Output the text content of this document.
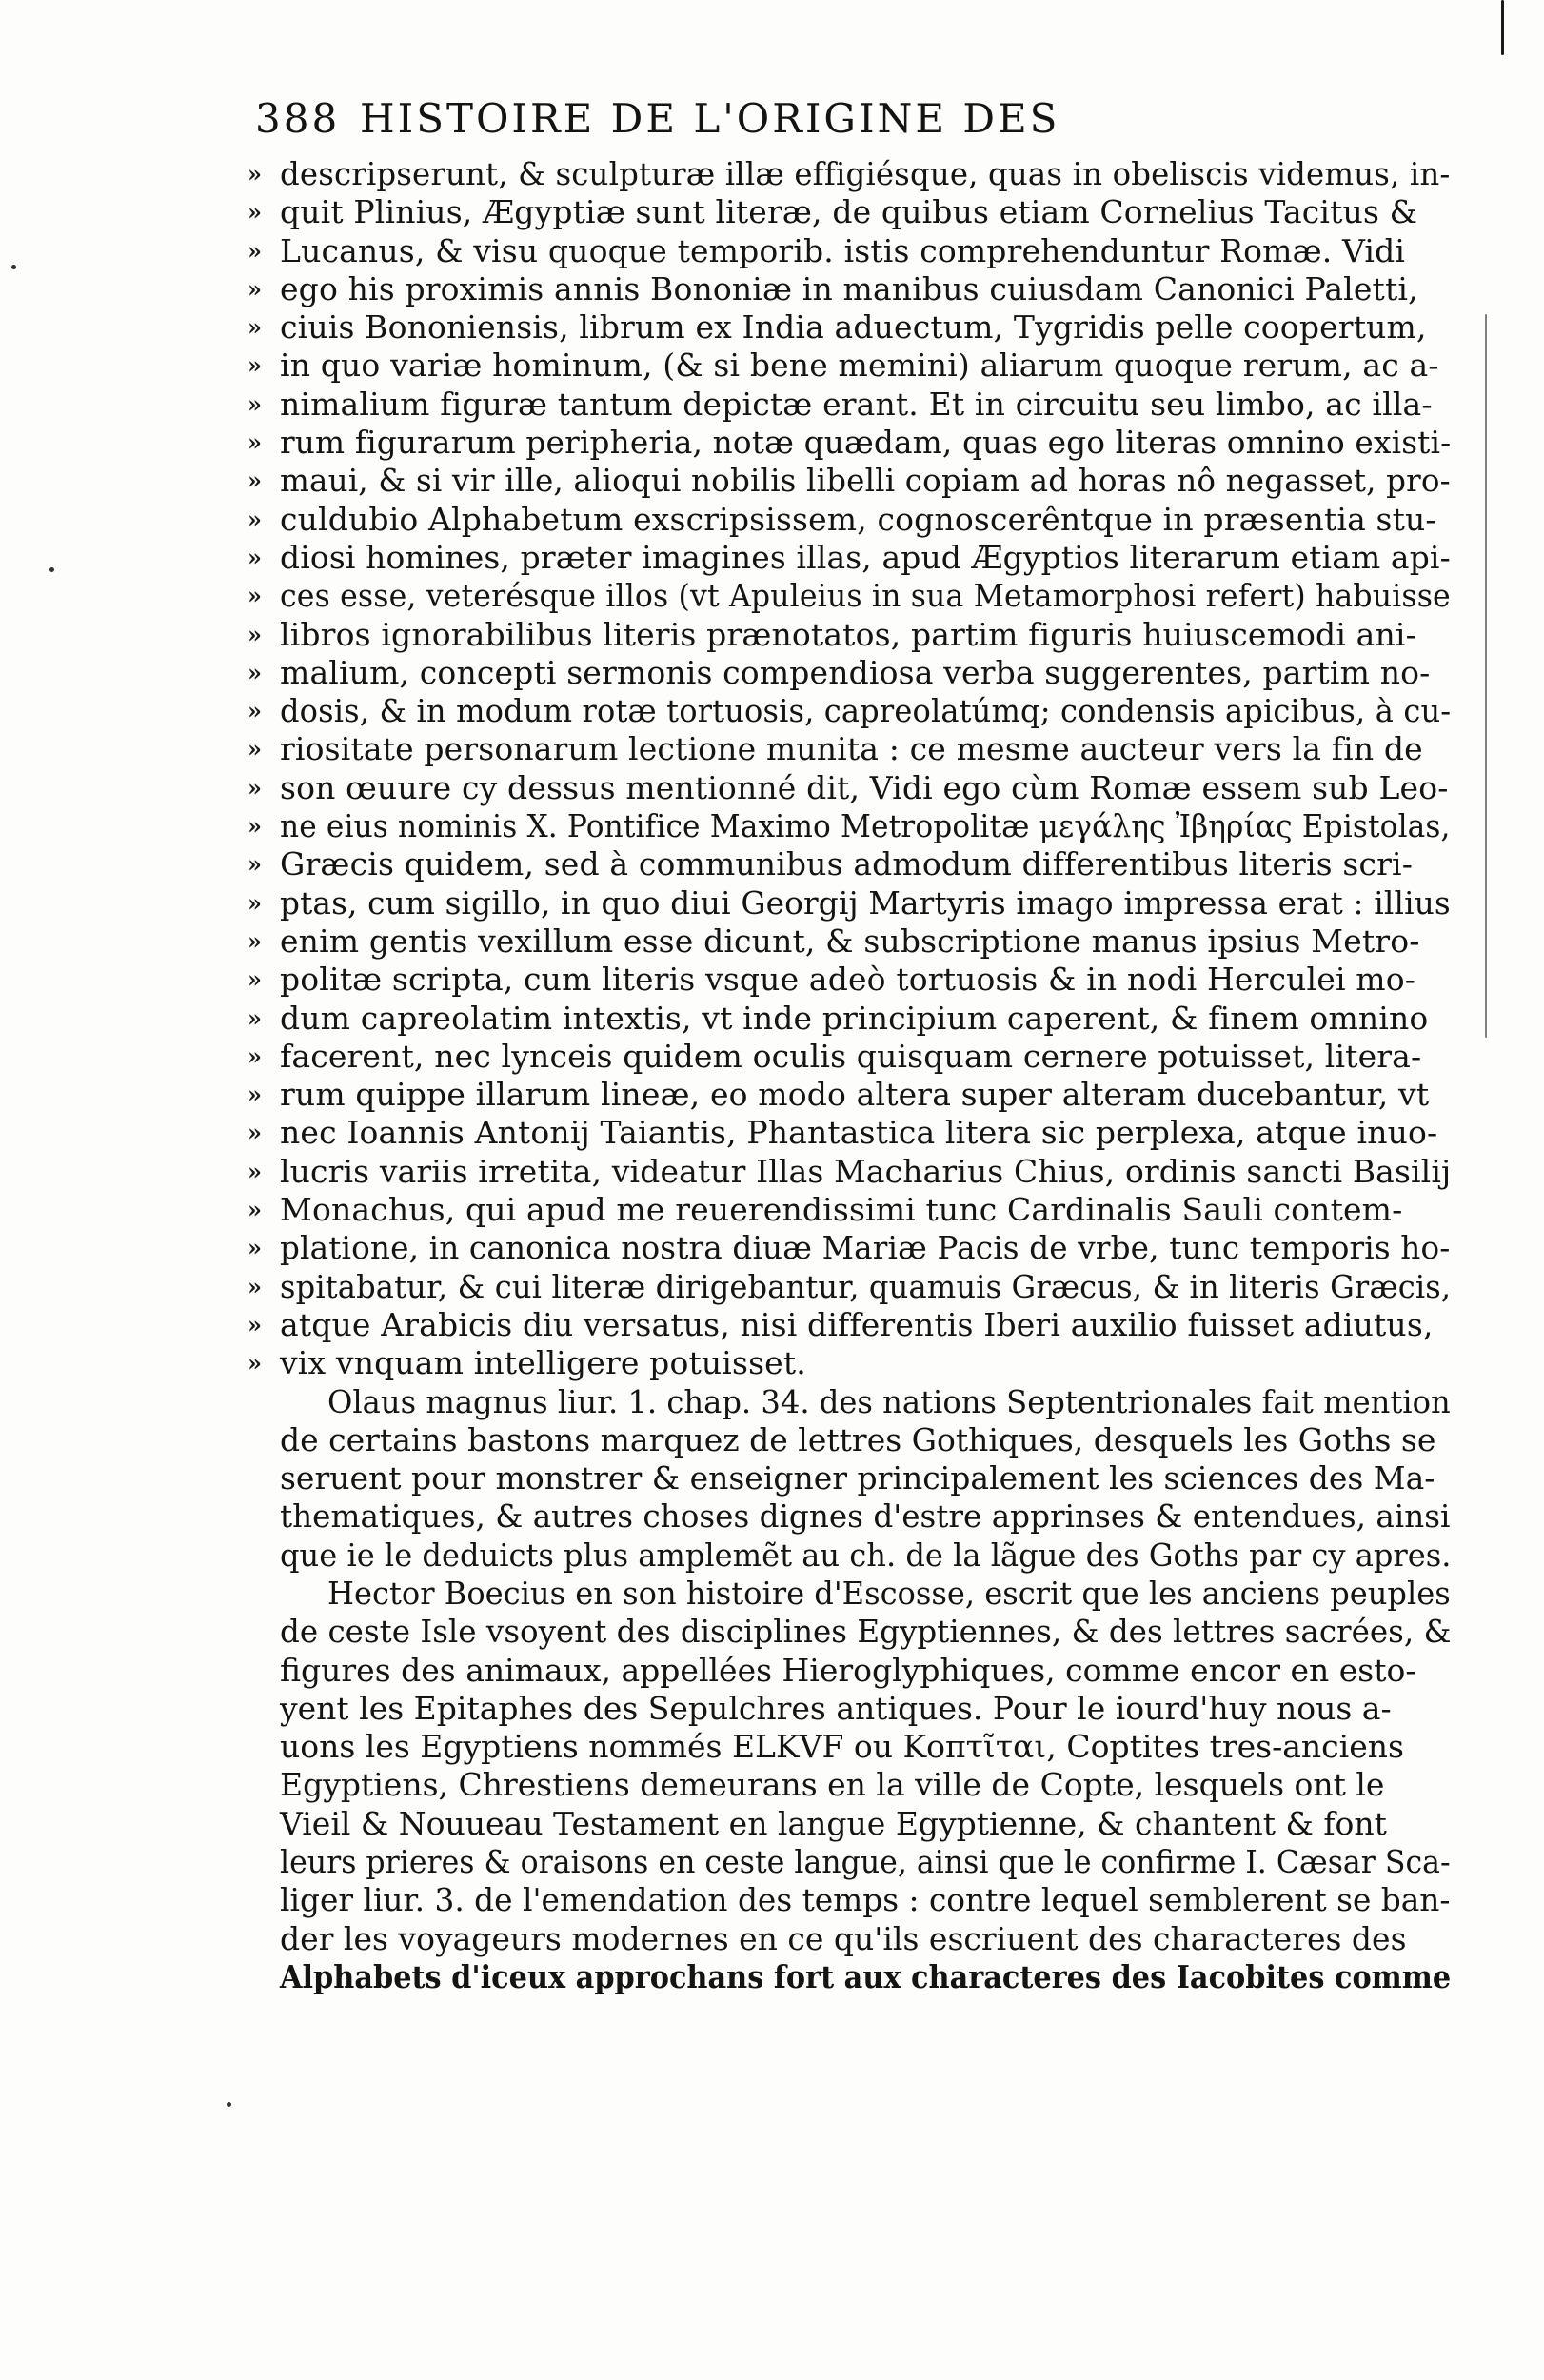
388 HISTOIRE DE L'ORIGINE DES
» descripserunt, & sculpturæ illæ effigiésque, quas in obeliscis videmus, in-
» quit Plinius, Ægyptiæ sunt literæ, de quibus etiam Cornelius Tacitus &
» Lucanus, & visu quoque temporib. istis comprehenduntur Romæ. Vidi
» ego his proximis annis Bononiæ in manibus cuiusdam Canonici Paletti,
» ciuis Bononiensis, librum ex India aduectum, Tygridis pelle coopertum,
» in quo variæ hominum, (& si bene memini) aliarum quoque rerum, ac a-
» nimalium figuræ tantum depictæ erant. Et in circuitu seu limbo, ac illa-
» rum figurarum peripheria, notæ quædam, quas ego literas omnino existi-
» maui, & si vir ille, alioqui nobilis libelli copiam ad horas nô negasset, pro-
» culdubio Alphabetum exscripsissem, cognoscerêntque in præsentia stu-
» diosi homines, præter imagines illas, apud Ægyptios literarum etiam api-
» ces esse, veterésque illos (vt Apuleius in sua Metamorphosi refert) habuisse
» libros ignorabilibus literis prænotatos, partim figuris huiuscemodi ani-
» malium, concepti sermonis compendiosa verba suggerentes, partim no-
» dosis, & in modum rotæ tortuosis, capreolatúmq; condensis apicibus, à cu-
» riositate personarum lectione munita : ce mesme aucteur vers la fin de
» son œuure cy dessus mentionné dit, Vidi ego cùm Romæ essem sub Leo-
» ne eius nominis X. Pontifice Maximo Metropolitæ μεγάλης Ἰβηρίας Epistolas,
» Græcis quidem, sed à communibus admodum differentibus literis scri-
» ptas, cum sigillo, in quo diui Georgij Martyris imago impressa erat : illius
» enim gentis vexillum esse dicunt, & subscriptione manus ipsius Metro-
» politæ scripta, cum literis vsque adeò tortuosis & in nodi Herculei mo-
» dum capreolatim intextis, vt inde principium caperent, & finem omnino
» facerent, nec lynceis quidem oculis quisquam cernere potuisset, litera-
» rum quippe illarum lineæ, eo modo altera super alteram ducebantur, vt
» nec Ioannis Antonij Taiantis, Phantastica litera sic perplexa, atque inuo-
» lucris variis irretita, videatur Illas Macharius Chius, ordinis sancti Basilij
» Monachus, qui apud me reuerendissimi tunc Cardinalis Sauli contem-
» platione, in canonica nostra diuæ Mariæ Pacis de vrbe, tunc temporis ho-
» spitabatur, & cui literæ dirigebantur, quamuis Græcus, & in literis Græcis,
» atque Arabicis diu versatus, nisi differentis Iberi auxilio fuisset adiutus,
» vix vnquam intelligere potuisset.
Olaus magnus liur. 1. chap. 34. des nations Septentrionales fait mention
de certains bastons marquez de lettres Gothiques, desquels les Goths se
seruent pour monstrer & enseigner principalement les sciences des Ma-
thematiques, & autres choses dignes d'estre apprinses & entendues, ainsi
que ie le deduicts plus amplemẽt au ch. de la lãgue des Goths par cy apres.
Hector Boecius en son histoire d'Escosse, escrit que les anciens peuples
de ceste Isle vsoyent des disciplines Egyptiennes, & des lettres sacrées, &
figures des animaux, appellées Hieroglyphiques, comme encor en esto-
yent les Epitaphes des Sepulchres antiques. Pour le iourd'huy nous a-
uons les Egyptiens nommés ELKVF ou Κοπτῖται, Coptites tres-anciens
Egyptiens, Chrestiens demeurans en la ville de Copte, lesquels ont le
Vieil & Nouueau Testament en langue Egyptienne, & chantent & font
leurs prieres & oraisons en ceste langue, ainsi que le confirme I. Cæsar Sca-
liger liur. 3. de l'emendation des temps : contre lequel semblerent se ban-
der les voyageurs modernes en ce qu'ils escriuent des characteres des
Alphabets d'iceux approchans fort aux characteres des Iacobites comme
